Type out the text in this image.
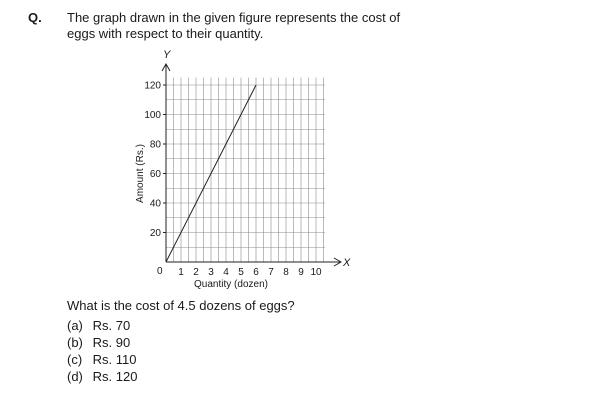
Q. The graph drawn in the given figure represents the cost of
eggs with respect to their quantity.
X
Y
0
20
40
60
80
100
120
1 2 3 4 5 6 7 8 9 10
Quantity (dozen)
Amount (Rs.)
What is the cost of 4.5 dozens of eggs?
(a) Rs. 70
(b) Rs. 90
(c) Rs. 110
(d) Rs. 120
